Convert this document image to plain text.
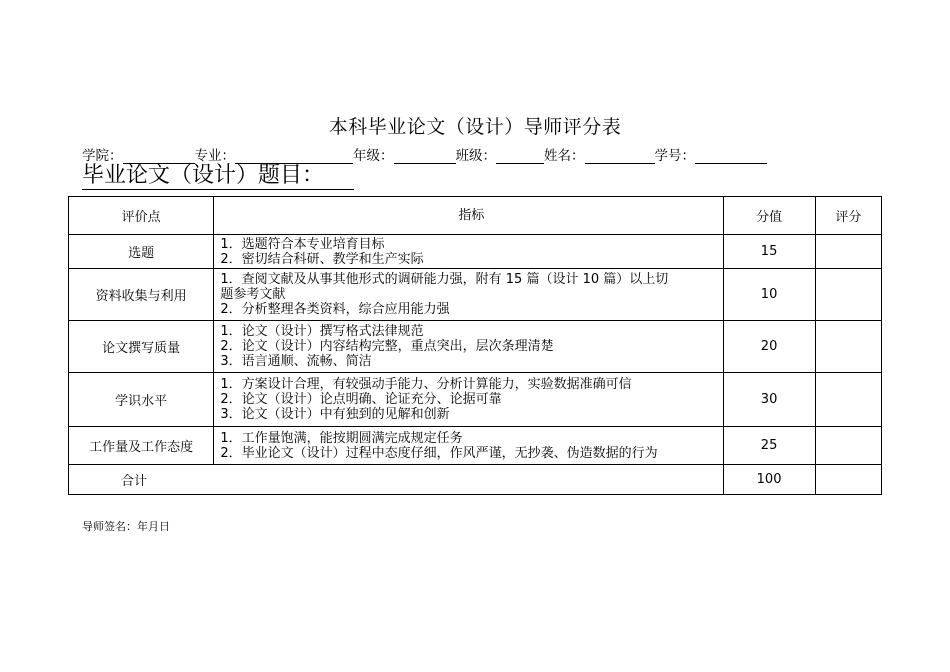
本科毕业论文（设计）导师评分表
学院：	专业：	年级：	班级：	姓名：	学号：
毕业论文（设计）题目：
评价点	指标	分值	评分
选题	1．选题符合本专业培育目标
2．密切结合科研、教学和生产实际	15	
资料收集与利用	1．查阅文献及从事其他形式的调研能力强，附有 15 篇（设计 10 篇）以上切
题参考文献
2．分析整理各类资料，综合应用能力强	10	
论文撰写质量	1．论文（设计）撰写格式法律规范
2．论文（设计）内容结构完整，重点突出，层次条理清楚
3．语言通顺、流畅、简洁	20	
学识水平	1．方案设计合理，有较强动手能力、分析计算能力，实验数据准确可信
2．论文（设计）论点明确、论证充分、论据可靠
3．论文（设计）中有独到的见解和创新	30	
工作量及工作态度	1．工作量饱满，能按期圆满完成规定任务
2．毕业论文（设计）过程中态度仔细，作风严谨，无抄袭、伪造数据的行为	25	
合计		100	
导师签名：年月日
